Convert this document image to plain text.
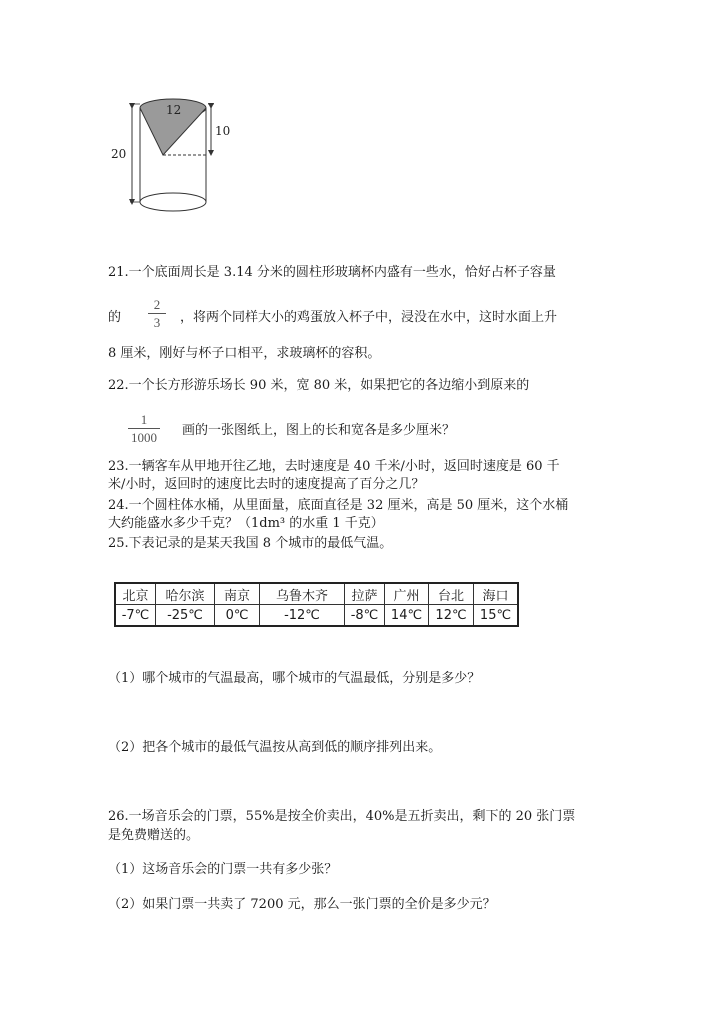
12
10
20
21.一个底面周长是 3.14 分米的圆柱形玻璃杯内盛有一些水，恰好占杯子容量
的
2
3	，将两个同样大小的鸡蛋放入杯子中，浸没在水中，这时水面上升
8 厘米，刚好与杯子口相平，求玻璃杯的容积。
22.一个长方形游乐场长 90 米，宽 80 米，如果把它的各边缩小到原来的
1
1000 画的一张图纸上，图上的长和宽各是多少厘米？
23.一辆客车从甲地开往乙地，去时速度是 40 千米/小时，返回时速度是 60 千
米/小时，返回时的速度比去时的速度提高了百分之几？
24.一个圆柱体水桶，从里面量，底面直径是 32 厘米，高是 50 厘米，这个水桶
大约能盛水多少千克？（1dm³ 的水重 1 千克）
25.下表记录的是某天我国 8 个城市的最低气温。
北京	哈尔滨	南京	乌鲁木齐	拉萨	广州	台北	海口
-7℃	-25℃	0℃	-12℃	-8℃	14℃	12℃	15℃
（1）哪个城市的气温最高，哪个城市的气温最低，分别是多少？
（2）把各个城市的最低气温按从高到低的顺序排列出来。
26.一场音乐会的门票，55%是按全价卖出，40%是五折卖出，剩下的 20 张门票
是免费赠送的。
（1）这场音乐会的门票一共有多少张？
（2）如果门票一共卖了 7200 元，那么一张门票的全价是多少元？
